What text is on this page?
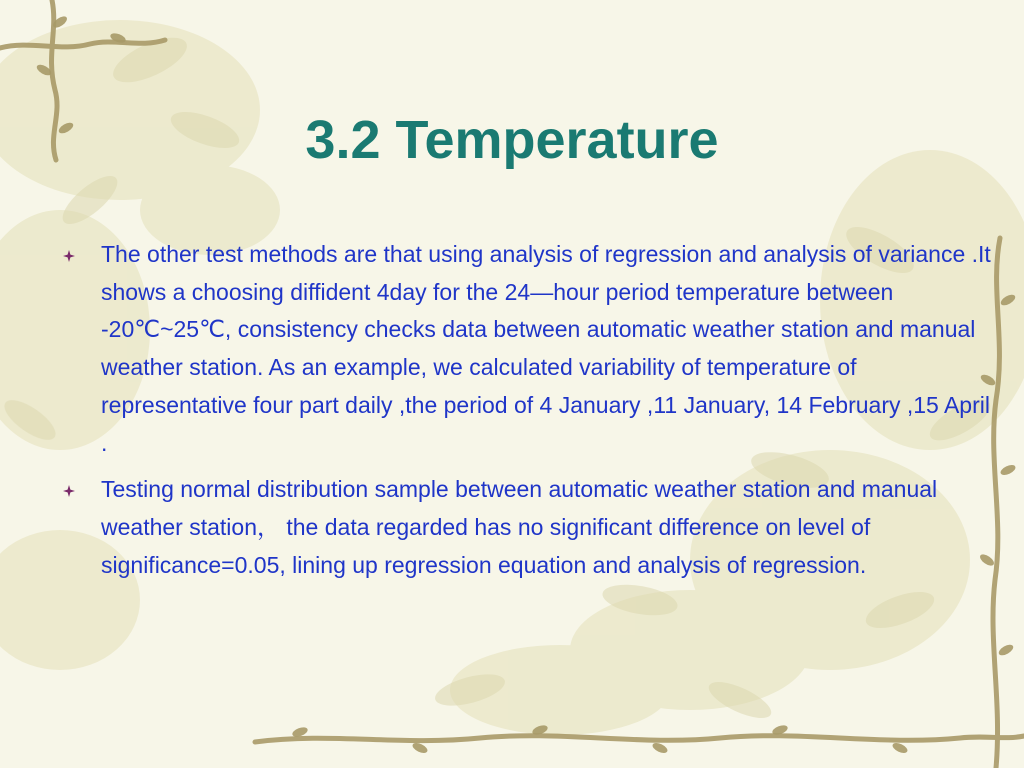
3.2 Temperature
The other test methods are that using analysis of regression and analysis of variance .It shows a choosing diffident 4day for the 24—hour period temperature between -20℃~25℃, consistency checks data between automatic weather station and manual weather station. As an example, we calculated variability of temperature of representative four part daily ,the period of 4 January ,11 January, 14 February ,15 April .
Testing normal distribution sample between automatic weather station and manual weather station， the data regarded has no significant difference on level of significance=0.05, lining up regression equation and analysis of regression.
